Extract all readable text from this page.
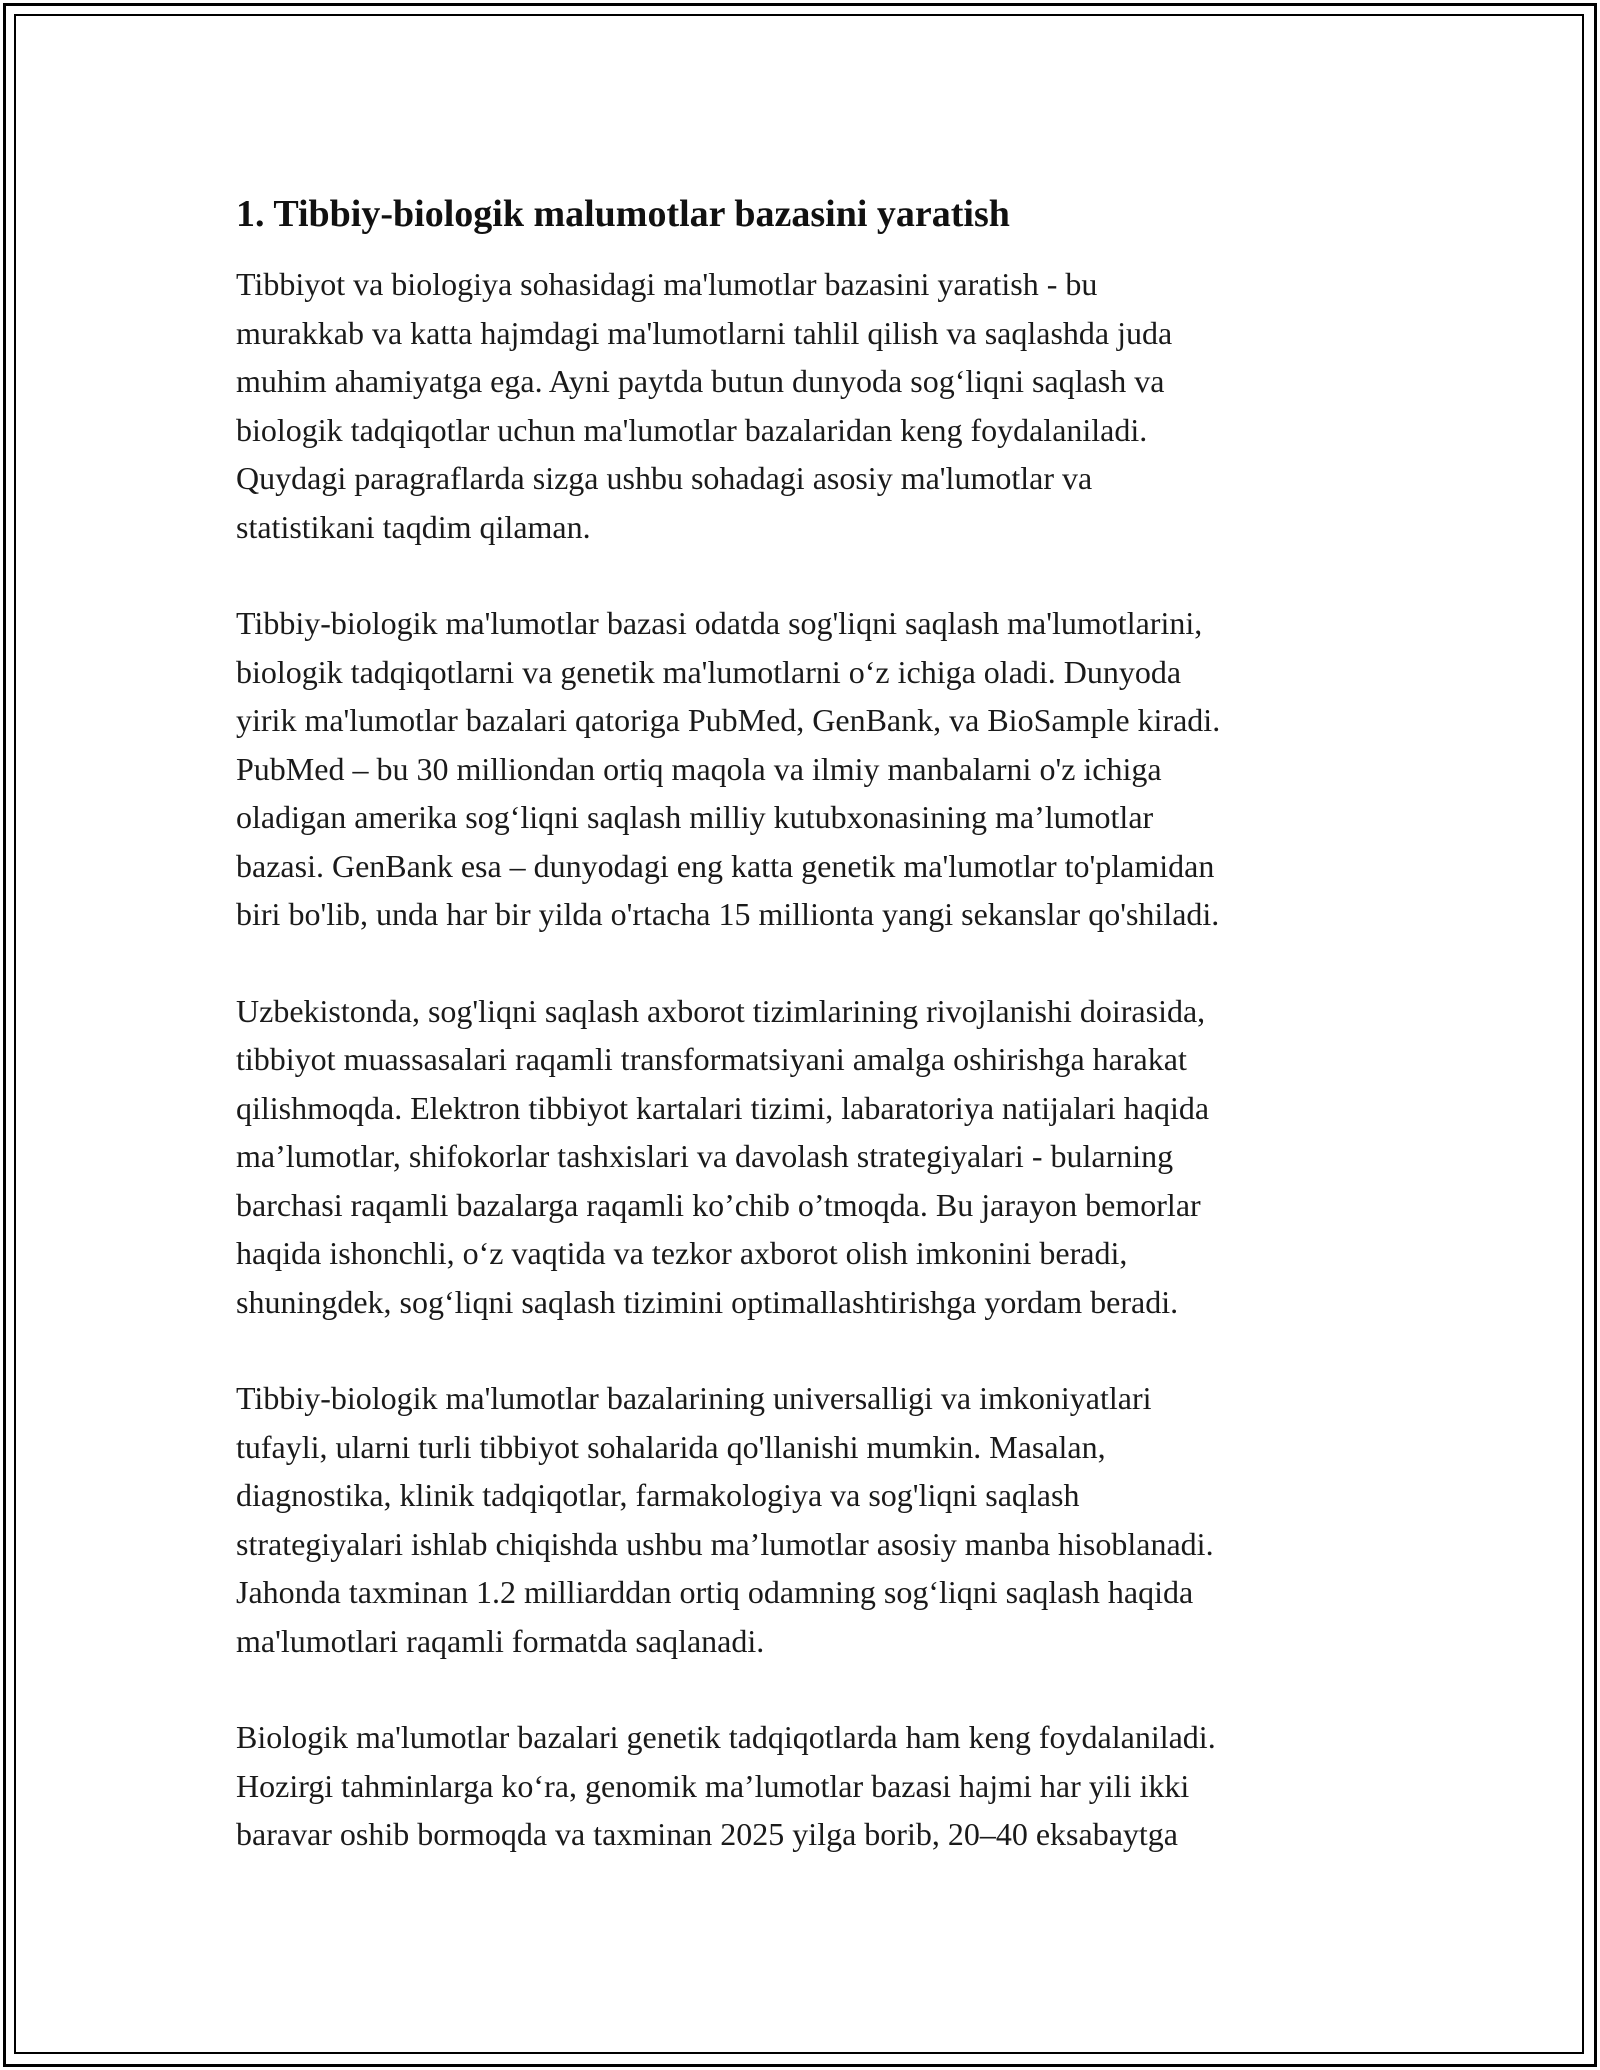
1. Tibbiy-biologik malumotlar bazasini yaratish

Tibbiyot va biologiya sohasidagi ma'lumotlar bazasini yaratish - bu
murakkab va katta hajmdagi ma'lumotlarni tahlil qilish va saqlashda juda
muhim ahamiyatga ega. Ayni paytda butun dunyoda sog‘liqni saqlash va
biologik tadqiqotlar uchun ma'lumotlar bazalaridan keng foydalaniladi.
Quydagi paragraflarda sizga ushbu sohadagi asosiy ma'lumotlar va
statistikani taqdim qilaman.

Tibbiy-biologik ma'lumotlar bazasi odatda sog'liqni saqlash ma'lumotlarini,
biologik tadqiqotlarni va genetik ma'lumotlarni o‘z ichiga oladi. Dunyoda
yirik ma'lumotlar bazalari qatoriga PubMed, GenBank, va BioSample kiradi.
PubMed – bu 30 milliondan ortiq maqola va ilmiy manbalarni o'z ichiga
oladigan amerika sog‘liqni saqlash milliy kutubxonasining ma’lumotlar
bazasi. GenBank esa – dunyodagi eng katta genetik ma'lumotlar to'plamidan
biri bo'lib, unda har bir yilda o'rtacha 15 millionta yangi sekanslar qo'shiladi.

Uzbekistonda, sog'liqni saqlash axborot tizimlarining rivojlanishi doirasida,
tibbiyot muassasalari raqamli transformatsiyani amalga oshirishga harakat
qilishmoqda. Elektron tibbiyot kartalari tizimi, labaratoriya natijalari haqida
ma’lumotlar, shifokorlar tashxislari va davolash strategiyalari - bularning
barchasi raqamli bazalarga raqamli ko’chib o’tmoqda. Bu jarayon bemorlar
haqida ishonchli, o‘z vaqtida va tezkor axborot olish imkonini beradi,
shuningdek, sog‘liqni saqlash tizimini optimallashtirishga yordam beradi.

Tibbiy-biologik ma'lumotlar bazalarining universalligi va imkoniyatlari
tufayli, ularni turli tibbiyot sohalarida qo'llanishi mumkin. Masalan,
diagnostika, klinik tadqiqotlar, farmakologiya va sog'liqni saqlash
strategiyalari ishlab chiqishda ushbu ma’lumotlar asosiy manba hisoblanadi.
Jahonda taxminan 1.2 milliarddan ortiq odamning sog‘liqni saqlash haqida
ma'lumotlari raqamli formatda saqlanadi.

Biologik ma'lumotlar bazalari genetik tadqiqotlarda ham keng foydalaniladi.
Hozirgi tahminlarga ko‘ra, genomik ma’lumotlar bazasi hajmi har yili ikki
baravar oshib bormoqda va taxminan 2025 yilga borib, 20–40 eksabaytga
